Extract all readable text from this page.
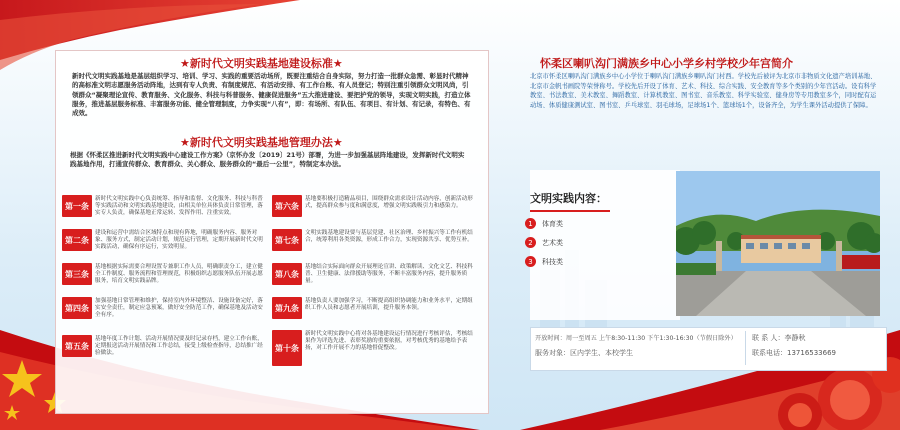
★新时代文明实践基地建设标准★
新时代文明实践基地是基层组织学习、培训、学习、实践的重要活动场所，既要注重结合自身实际，努力打造一批群众急需、彰显时代精神的高标准文明志愿服务活动阵地，达到有专人负责、有制度规范、有活动安排、有工作台账、有人员登记；特别注重引领群众文明风尚，引领群众“凝聚理论宣传、教育服务、文化服务、科技与科普服务、健康促进服务”五大推进建设、要把护党的领导，实现文明实践，打造立体服务，推进基层服务标准、丰富服务功能、健全管理制度，力争实现“八有”，即：有场所、有队伍、有项目、有计划、有记录，有特色、有成效。
★新时代文明实践基地管理办法★
根据《怀柔区推进新时代文明实践中心建设工作方案》（京怀办发〔2019〕21号）部署，为进一步加强基层阵地建设，发挥新时代文明实践基地作用，打通宣传群众、教育群众、关心群众、服务群众的“最后一公里”，特制定本办法。
第一条
新时代文明实践中心负责统筹、指导和监督、文化服务、科技与科普等实践活动和文明实践基地建设，由相关单位具体负责日常管理，落实专人负责，确保基地正常运转、发挥作用、注重实效。
第二条
建设和运营中需结合区域特点和现有阵地，明确服务内容、服务对象、服务方式，制定活动计划，规范运行管理，定期开展新时代文明实践活动，确保有序运行，实效明显。
第三条
基地根据实际需要合理设置专兼职工作人员，明确职责分工，建立健全工作制度、服务流程和管理规范，积极组织志愿服务队伍开展志愿服务，培育文明实践品牌。
第四条
加强基地日常管理和维护，保持室内外环境整洁、设施设备完好，落实安全责任，制定应急预案，做好安全防范工作，确保基地及活动安全有序。
第五条
基地年度工作计划、活动开展情况要及时记录存档，建立工作台账，定期报送活动开展情况和工作总结，接受上级检查指导，总结推广经验做法。
第六条
基地要积极打造精品项目，围绕群众需求设计活动内容，创新活动形式，提高群众参与度和满意度，增强文明实践吸引力和感染力。
第七条
文明实践基地建设要与基层党建、社区治理、乡村振兴等工作有机结合，统筹利用各类资源，形成工作合力，实现资源共享、优势互补。
第八条
基地结合实际面向群众开展理论宣讲、政策解读、文化文艺、科技科普、卫生健康、法律援助等服务，不断丰富服务内容，提升服务质量。
第九条
基地负责人要加强学习，不断提高组织协调能力和业务水平，定期组织工作人员和志愿者开展培训，提升服务本领。
第十条
新时代文明实践中心将对各基地建设运行情况进行考核评估，考核结果作为评选先进、表彰奖励的重要依据，对考核优秀的基地给予表扬，对工作开展不力的基地督促整改。
怀柔区喇叭沟门满族乡中心小学乡村学校少年宫简介
北京市怀柔区喇叭沟门满族乡中心小学位于喇叭沟门满族乡喇叭沟门村西。学校先后被评为北京市非物质文化遗产培训基地、北京市金帆书画院等荣誉称号。学校先后开设了体育、艺术、科技、综合实践、安全教育等多个类别的少年宫活动。设有科学教室、书法教室、美术教室、舞蹈教室、计算机教室、图书室、音乐教室、科学实验室、健身房等专用教室多个，同时配有运动场、体质健康测试室、图书室、乒乓球室、羽毛球场，足球场1个、篮球场1个，设备齐全，为学生课外活动提供了保障。
文明实践内容：
1	体育类
2	艺术类
3	科技类
开放时间：周一至周五 上午8:30-11:30 下午1:30-16:30（节假日除外）
服务对象：区内学生、本校学生
联 系 人：李静秋
联系电话：13716533669
